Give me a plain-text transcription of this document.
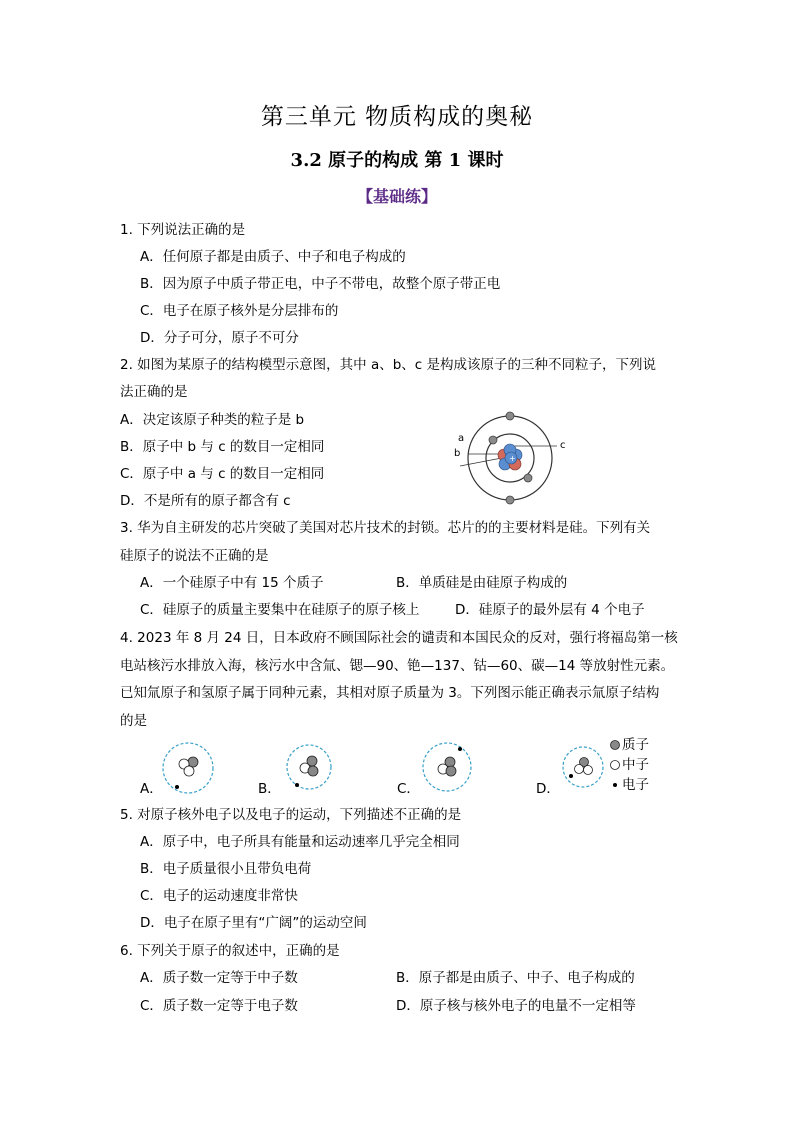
第三单元 物质构成的奥秘
3.2 原子的构成 第 1 课时
【基础练】
1. 下列说法正确的是
A．任何原子都是由质子、中子和电子构成的
B．因为原子中质子带正电，中子不带电，故整个原子带正电
C．电子在原子核外是分层排布的
D．分子可分，原子不可分
2. 如图为某原子的结构模型示意图，其中 a、b、c 是构成该原子的三种不同粒子，下列说
法正确的是
A．决定该原子种类的粒子是 b
B．原子中 b 与 c 的数目一定相同
C．原子中 a 与 c 的数目一定相同
D．不是所有的原子都含有 c
+
a
b
c
3. 华为自主研发的芯片突破了美国对芯片技术的封锁。芯片的的主要材料是硅。下列有关
硅原子的说法不正确的是
A．一个硅原子中有 15 个质子	B．单质硅是由硅原子构成的
C．硅原子的质量主要集中在硅原子的原子核上	D．硅原子的最外层有 4 个电子
4. 2023 年 8 月 24 日，日本政府不顾国际社会的谴责和本国民众的反对，强行将福岛第一核
电站核污水排放入海，核污水中含氚、锶—90、铯—137、钴—60、碳—14 等放射性元素。
已知氚原子和氢原子属于同种元素，其相对原子质量为 3。下列图示能正确表示氚原子结构
的是
A．	B．	C．	D．
质子
中子
电子
5. 对原子核外电子以及电子的运动，下列描述不正确的是
A．原子中，电子所具有能量和运动速率几乎完全相同
B．电子质量很小且带负电荷
C．电子的运动速度非常快
D．电子在原子里有“广阔”的运动空间
6. 下列关于原子的叙述中，正确的是
A．质子数一定等于中子数	B．原子都是由质子、中子、电子构成的
C．质子数一定等于电子数	D．原子核与核外电子的电量不一定相等
